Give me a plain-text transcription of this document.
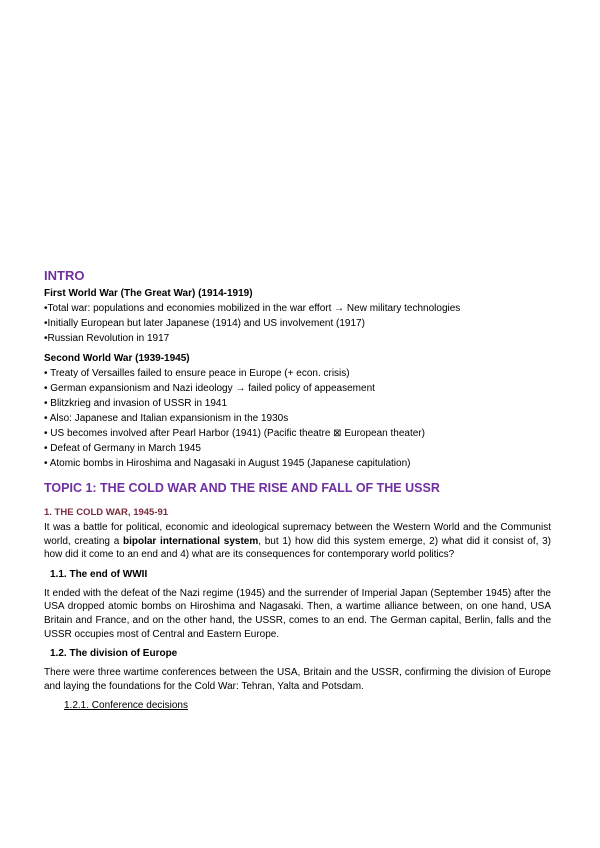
INTRO
First World War (The Great War) (1914-1919)
•Total war: populations and economies mobilized in the war effort → New military technologies
•Initially European but later Japanese (1914) and US involvement (1917)
•Russian Revolution in 1917
Second World War (1939-1945)
• Treaty of Versailles failed to ensure peace in Europe (+ econ. crisis)
• German expansionism and Nazi ideology → failed policy of appeasement
• Blitzkrieg and invasion of USSR in 1941
• Also: Japanese and Italian expansionism in the 1930s
• US becomes involved after Pearl Harbor (1941) (Pacific theatre ⊠ European theater)
• Defeat of Germany in March 1945
• Atomic bombs in Hiroshima and Nagasaki in August 1945 (Japanese capitulation)
TOPIC 1: THE COLD WAR AND THE RISE AND FALL OF THE USSR
1. THE COLD WAR, 1945-91

It was a battle for political, economic and ideological supremacy between the Western World and the Communist world, creating a bipolar international system, but 1) how did this system emerge, 2) what did it consist of, 3) how did it come to an end and 4) what are its consequences for contemporary world politics?

1.1. The end of WWII

It ended with the defeat of the Nazi regime (1945) and the surrender of Imperial Japan (September 1945) after the USA dropped atomic bombs on Hiroshima and Nagasaki. Then, a wartime alliance between, on one hand, USA Britain and France, and on the other hand, the USSR, comes to an end. The German capital, Berlin, falls and the USSR occupies most of Central and Eastern Europe.

1.2. The division of Europe

There were three wartime conferences between the USA, Britain and the USSR, confirming the division of Europe and laying the foundations for the Cold War: Tehran, Yalta and Potsdam.

1.2.1. Conference decisions
